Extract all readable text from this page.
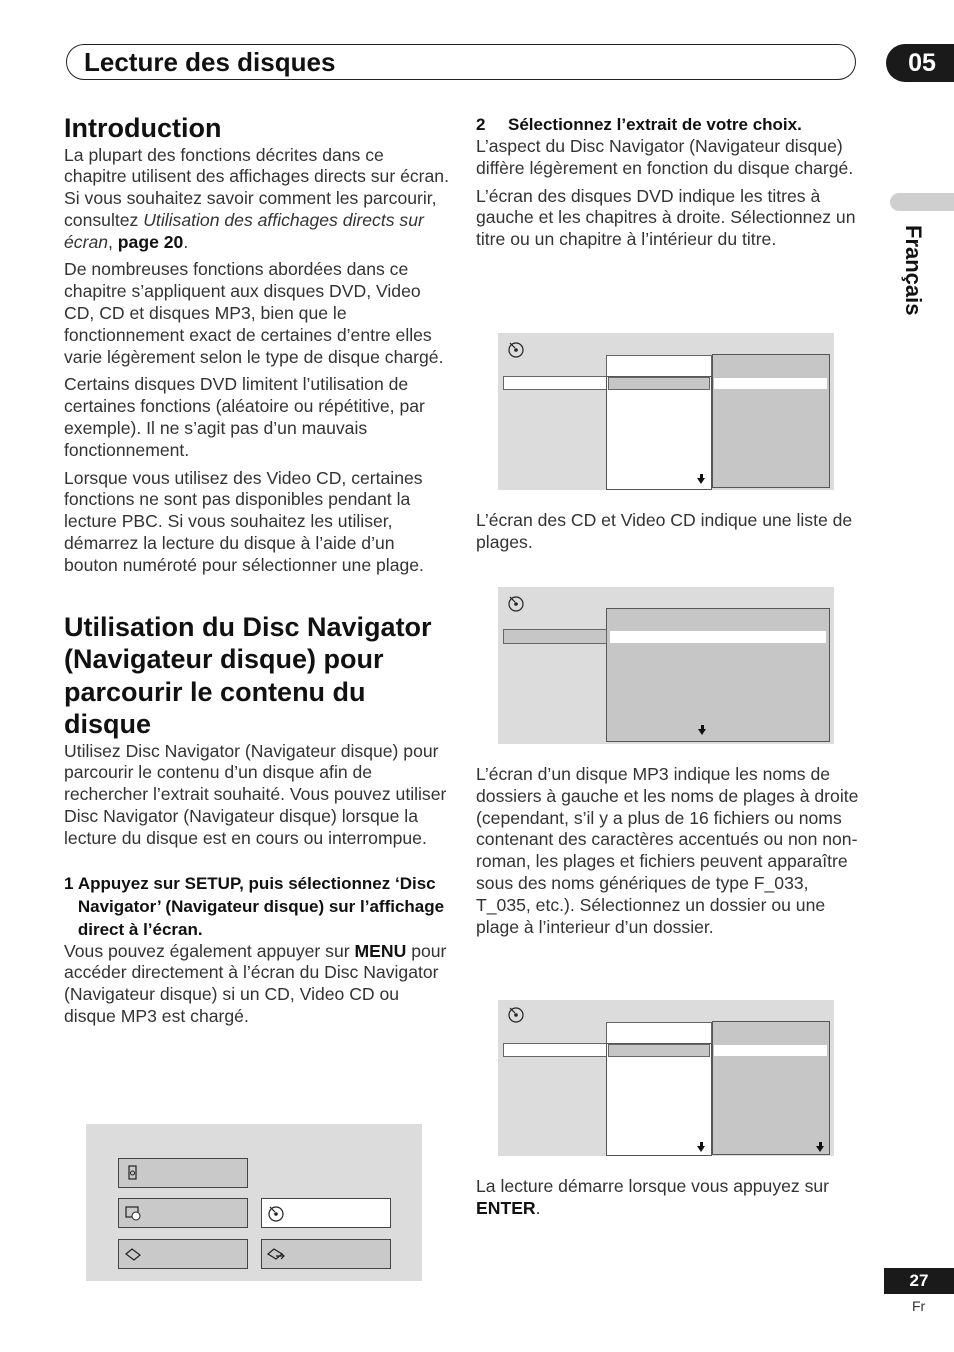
Lecture des disques	05
Français
Introduction

La plupart des fonctions décrites dans ce chapitre utilisent des affichages directs sur écran. Si vous souhaitez savoir comment les parcourir, consultez Utilisation des affichages directs sur écran, page 20.

De nombreuses fonctions abordées dans ce chapitre s’appliquent aux disques DVD, Video CD, CD et disques MP3, bien que le fonctionnement exact de certaines d’entre elles varie légèrement selon le type de disque chargé.

Certains disques DVD limitent l’utilisation de certaines fonctions (aléatoire ou répétitive, par exemple). Il ne s’agit pas d’un mauvais fonctionnement.

Lorsque vous utilisez des Video CD, certaines fonctions ne sont pas disponibles pendant la lecture PBC. Si vous souhaitez les utiliser, démarrez la lecture du disque à l’aide d’un bouton numéroté pour sélectionner une plage.

Utilisation du Disc Navigator (Navigateur disque) pour parcourir le contenu du disque

Utilisez Disc Navigator (Navigateur disque) pour parcourir le contenu d’un disque afin de rechercher l’extrait souhaité. Vous pouvez utiliser Disc Navigator (Navigateur disque) lorsque la lecture du disque est en cours ou interrompue.

1 Appuyez sur SETUP, puis sélectionnez ‘Disc Navigator’ (Navigateur disque) sur l’affichage direct à l’écran.

Vous pouvez également appuyer sur MENU pour accéder directement à l’écran du Disc Navigator (Navigateur disque) si un CD, Video CD ou disque MP3 est chargé.

2	Sélectionnez l’extrait de votre choix.

L’aspect du Disc Navigator (Navigateur disque) diffère légèrement en fonction du disque chargé.

L’écran des disques DVD indique les titres à gauche et les chapitres à droite. Sélectionnez un titre ou un chapitre à l’intérieur du titre.

L’écran des CD et Video CD indique une liste de plages.

L’écran d’un disque MP3 indique les noms de dossiers à gauche et les noms de plages à droite (cependant, s’il y a plus de 16 fichiers ou noms contenant des caractères accentués ou non non-roman, les plages et fichiers peuvent apparaître sous des noms génériques de type F_033, T_035, etc.). Sélectionnez un dossier ou une plage à l’interieur d’un dossier.

La lecture démarre lorsque vous appuyez sur ENTER.

27
Fr
